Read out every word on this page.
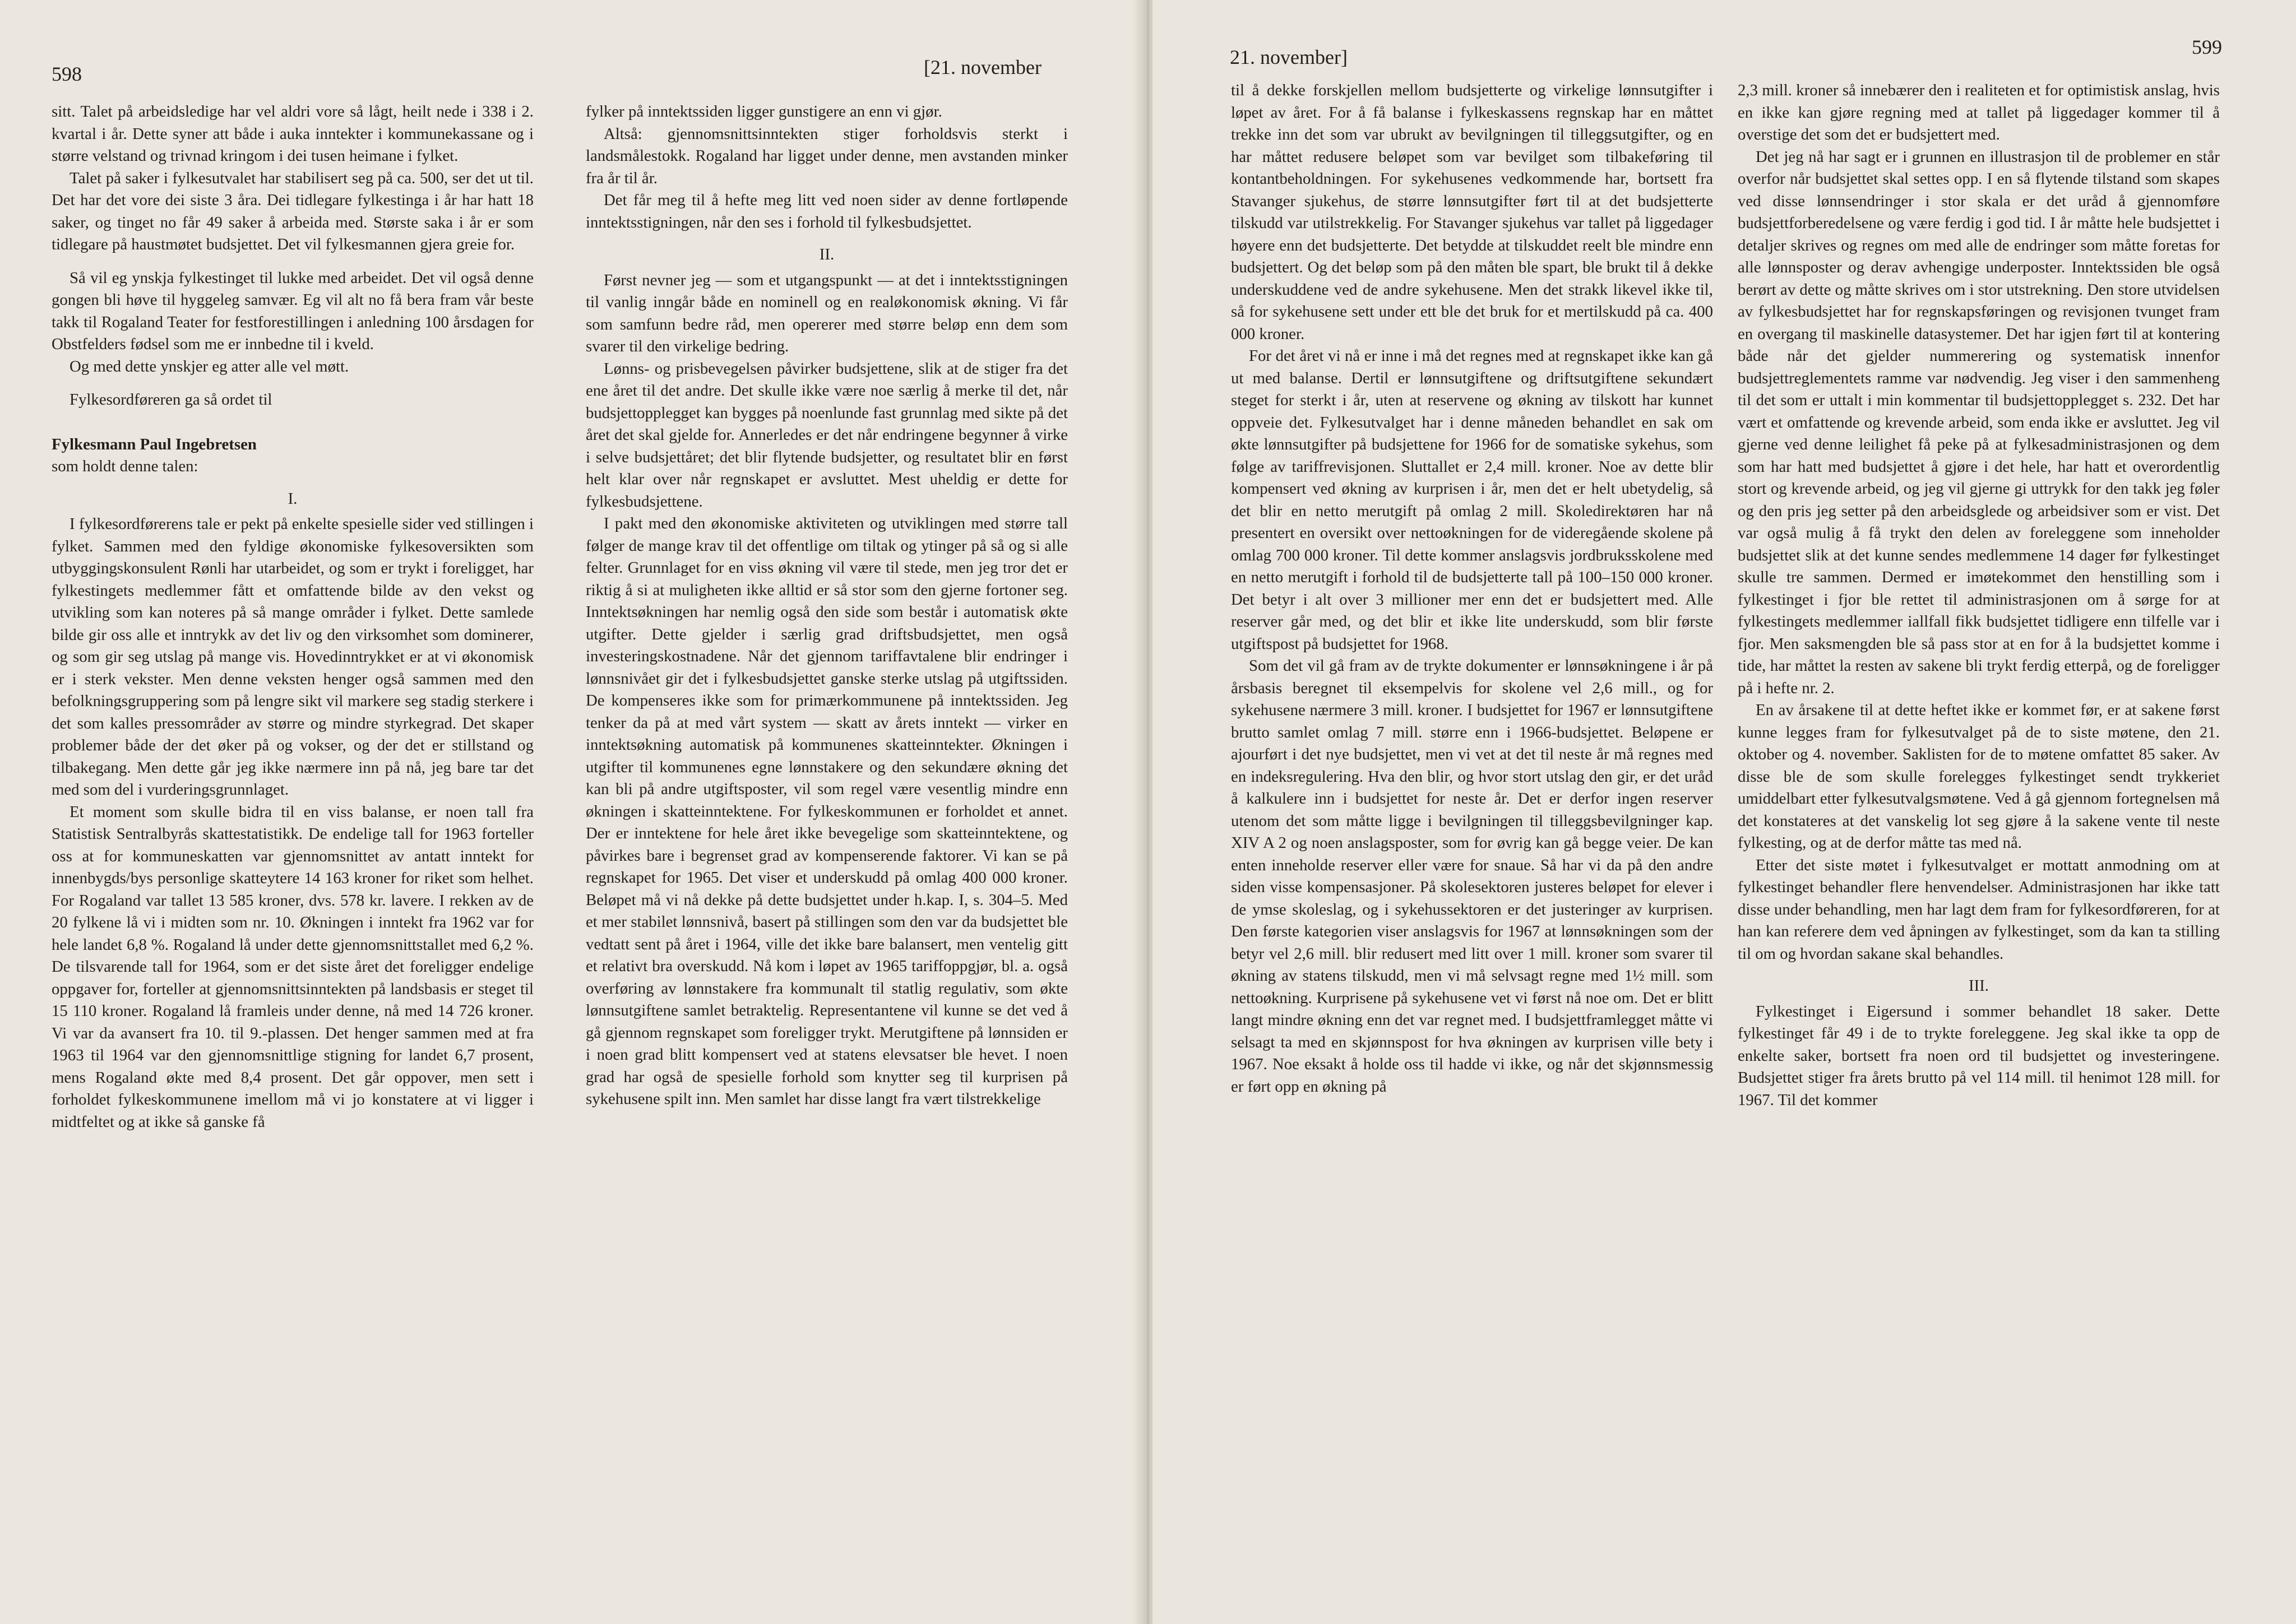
598	[21. november

sitt. Talet på arbeidsledige har vel aldri vore så lågt, heilt nede i 338 i 2. kvartal i år. Dette syner att både i auka inntekter i kommunekassane og i større velstand og trivnad kringom i dei tusen heimane i fylket.

Talet på saker i fylkesutvalet har stabilisert seg på ca. 500, ser det ut til. Det har det vore dei siste 3 åra. Dei tidlegare fylkestinga i år har hatt 18 saker, og tinget no får 49 saker å arbeida med. Største saka i år er som tidlegare på haustmøtet budsjettet. Det vil fylkesmannen gjera greie for.

Så vil eg ynskja fylkestinget til lukke med arbeidet. Det vil også denne gongen bli høve til hyggeleg samvær. Eg vil alt no få bera fram vår beste takk til Rogaland Teater for festforestillingen i anledning 100 årsdagen for Obstfelders fødsel som me er innbedne til i kveld.

Og med dette ynskjer eg atter alle vel møtt.

Fylkesordføreren ga så ordet til

Fylkesmann Paul Ingebretsen

som holdt denne talen:

I.

I fylkesordførerens tale er pekt på enkelte spesielle sider ved stillingen i fylket. Sammen med den fyldige økonomiske fylkesoversikten som utbyggingskonsulent Rønli har utarbeidet, og som er trykt i foreligget, har fylkestingets medlemmer fått et omfattende bilde av den vekst og utvikling som kan noteres på så mange områder i fylket. Dette samlede bilde gir oss alle et inntrykk av det liv og den virksomhet som dominerer, og som gir seg utslag på mange vis. Hovedinntrykket er at vi økonomisk er i sterk vekster. Men denne veksten henger også sammen med den befolkningsgruppering som på lengre sikt vil markere seg stadig sterkere i det som kalles pressområder av større og mindre styrkegrad. Det skaper problemer både der det øker på og vokser, og der det er stillstand og tilbakegang. Men dette går jeg ikke nærmere inn på nå, jeg bare tar det med som del i vurderingsgrunnlaget.

Et moment som skulle bidra til en viss balanse, er noen tall fra Statistisk Sentralbyrås skattestatistikk. De endelige tall for 1963 forteller oss at for kommuneskatten var gjennomsnittet av antatt inntekt for innenbygds/bys personlige skatteytere 14 163 kroner for riket som helhet. For Rogaland var tallet 13 585 kroner, dvs. 578 kr. lavere. I rekken av de 20 fylkene lå vi i midten som nr. 10. Økningen i inntekt fra 1962 var for hele landet 6,8 %. Rogaland lå under dette gjennomsnittstallet med 6,2 %. De tilsvarende tall for 1964, som er det siste året det foreligger endelige oppgaver for, forteller at gjennomsnittsinntekten på landsbasis er steget til 15 110 kroner. Rogaland lå framleis under denne, nå med 14 726 kroner. Vi var da avansert fra 10. til 9.-plassen. Det henger sammen med at fra 1963 til 1964 var den gjennomsnittlige stigning for landet 6,7 prosent, mens Rogaland økte med 8,4 prosent. Det går oppover, men sett i forholdet fylkeskommunene imellom må vi jo konstatere at vi ligger i midtfeltet og at ikke så ganske få

fylker på inntektssiden ligger gunstigere an enn vi gjør.

Altså: gjennomsnittsinntekten stiger forholdsvis sterkt i landsmålestokk. Rogaland har ligget under denne, men avstanden minker fra år til år.

Det får meg til å hefte meg litt ved noen sider av denne fortløpende inntektsstigningen, når den ses i forhold til fylkesbudsjettet.

II.

Først nevner jeg — som et utgangspunkt — at det i inntektsstigningen til vanlig inngår både en nominell og en realøkonomisk økning. Vi får som samfunn bedre råd, men opererer med større beløp enn dem som svarer til den virkelige bedring.

Lønns- og prisbevegelsen påvirker budsjettene, slik at de stiger fra det ene året til det andre. Det skulle ikke være noe særlig å merke til det, når budsjettopplegget kan bygges på noenlunde fast grunnlag med sikte på det året det skal gjelde for. Annerledes er det når endringene begynner å virke i selve budsjettåret; det blir flytende budsjetter, og resultatet blir en først helt klar over når regnskapet er avsluttet. Mest uheldig er dette for fylkesbudsjettene.

I pakt med den økonomiske aktiviteten og utviklingen med større tall følger de mange krav til det offentlige om tiltak og ytinger på så og si alle felter. Grunnlaget for en viss økning vil være til stede, men jeg tror det er riktig å si at muligheten ikke alltid er så stor som den gjerne fortoner seg. Inntektsøkningen har nemlig også den side som består i automatisk økte utgifter. Dette gjelder i særlig grad driftsbudsjettet, men også investeringskostnadene. Når det gjennom tariffavtalene blir endringer i lønnsnivået gir det i fylkesbudsjettet ganske sterke utslag på utgiftssiden. De kompenseres ikke som for primærkommunene på inntektssiden. Jeg tenker da på at med vårt system — skatt av årets inntekt — virker en inntektsøkning automatisk på kommunenes skatteinntekter. Økningen i utgifter til kommunenes egne lønnstakere og den sekundære økning det kan bli på andre utgiftsposter, vil som regel være vesentlig mindre enn økningen i skatteinntektene. For fylkeskommunen er forholdet et annet. Der er inntektene for hele året ikke bevegelige som skatteinntektene, og påvirkes bare i begrenset grad av kompenserende faktorer. Vi kan se på regnskapet for 1965. Det viser et underskudd på omlag 400 000 kroner. Beløpet må vi nå dekke på dette budsjettet under h.kap. I, s. 304–5. Med et mer stabilet lønnsnivå, basert på stillingen som den var da budsjettet ble vedtatt sent på året i 1964, ville det ikke bare balansert, men ventelig gitt et relativt bra overskudd. Nå kom i løpet av 1965 tariffoppgjør, bl. a. også overføring av lønnstakere fra kommunalt til statlig regulativ, som økte lønnsutgiftene samlet betraktelig. Representantene vil kunne se det ved å gå gjennom regnskapet som foreligger trykt. Merutgiftene på lønnsiden er i noen grad blitt kompensert ved at statens elevsatser ble hevet. I noen grad har også de spesielle forhold som knytter seg til kurprisen på sykehusene spilt inn. Men samlet har disse langt fra vært tilstrekkelige

21. november]	599

til å dekke forskjellen mellom budsjetterte og virkelige lønnsutgifter i løpet av året. For å få balanse i fylkeskassens regnskap har en måttet trekke inn det som var ubrukt av bevilgningen til tilleggsutgifter, og en har måttet redusere beløpet som var bevilget som tilbakeføring til kontantbeholdningen. For sykehusenes vedkommende har, bortsett fra Stavanger sjukehus, de større lønnsutgifter ført til at det budsjetterte tilskudd var utilstrekkelig. For Stavanger sjukehus var tallet på liggedager høyere enn det budsjetterte. Det betydde at tilskuddet reelt ble mindre enn budsjettert. Og det beløp som på den måten ble spart, ble brukt til å dekke underskuddene ved de andre sykehusene. Men det strakk likevel ikke til, så for sykehusene sett under ett ble det bruk for et mertilskudd på ca. 400 000 kroner.

For det året vi nå er inne i må det regnes med at regnskapet ikke kan gå ut med balanse. Dertil er lønnsutgiftene og driftsutgiftene sekundært steget for sterkt i år, uten at reservene og økning av tilskott har kunnet oppveie det. Fylkesutvalget har i denne måneden behandlet en sak om økte lønnsutgifter på budsjettene for 1966 for de somatiske sykehus, som følge av tariffrevisjonen. Sluttallet er 2,4 mill. kroner. Noe av dette blir kompensert ved økning av kurprisen i år, men det er helt ubetydelig, så det blir en netto merutgift på omlag 2 mill. Skoledirektøren har nå presentert en oversikt over nettoøkningen for de videregående skolene på omlag 700 000 kroner. Til dette kommer anslagsvis jordbruksskolene med en netto merutgift i forhold til de budsjetterte tall på 100–150 000 kroner. Det betyr i alt over 3 millioner mer enn det er budsjettert med. Alle reserver går med, og det blir et ikke lite underskudd, som blir første utgiftspost på budsjettet for 1968.

Som det vil gå fram av de trykte dokumenter er lønnsøkningene i år på årsbasis beregnet til eksempelvis for skolene vel 2,6 mill., og for sykehusene nærmere 3 mill. kroner. I budsjettet for 1967 er lønnsutgiftene brutto samlet omlag 7 mill. større enn i 1966-budsjettet. Beløpene er ajourført i det nye budsjettet, men vi vet at det til neste år må regnes med en indeksregulering. Hva den blir, og hvor stort utslag den gir, er det uråd å kalkulere inn i budsjettet for neste år. Det er derfor ingen reserver utenom det som måtte ligge i bevilgningen til tilleggsbevilgninger kap. XIV A 2 og noen anslagsposter, som for øvrig kan gå begge veier. De kan enten inneholde reserver eller være for snaue. Så har vi da på den andre siden visse kompensasjoner. På skolesektoren justeres beløpet for elever i de ymse skoleslag, og i sykehussektoren er det justeringer av kurprisen. Den første kategorien viser anslagsvis for 1967 at lønnsøkningen som der betyr vel 2,6 mill. blir redusert med litt over 1 mill. kroner som svarer til økning av statens tilskudd, men vi må selvsagt regne med 1½ mill. som nettoøkning. Kurprisene på sykehusene vet vi først nå noe om. Det er blitt langt mindre økning enn det var regnet med. I budsjettframlegget måtte vi selsagt ta med en skjønnspost for hva økningen av kurprisen ville bety i 1967. Noe eksakt å holde oss til hadde vi ikke, og når det skjønnsmessig er ført opp en økning på

2,3 mill. kroner så innebærer den i realiteten et for optimistisk anslag, hvis en ikke kan gjøre regning med at tallet på liggedager kommer til å overstige det som det er budsjettert med.

Det jeg nå har sagt er i grunnen en illustrasjon til de problemer en står overfor når budsjettet skal settes opp. I en så flytende tilstand som skapes ved disse lønnsendringer i stor skala er det uråd å gjennomføre budsjettforberedelsene og være ferdig i god tid. I år måtte hele budsjettet i detaljer skrives og regnes om med alle de endringer som måtte foretas for alle lønnsposter og derav avhengige underposter. Inntektssiden ble også berørt av dette og måtte skrives om i stor utstrekning. Den store utvidelsen av fylkesbudsjettet har for regnskapsføringen og revisjonen tvunget fram en overgang til maskinelle datasystemer. Det har igjen ført til at kontering både når det gjelder nummerering og systematisk innenfor budsjettreglementets ramme var nødvendig. Jeg viser i den sammenheng til det som er uttalt i min kommentar til budsjettopplegget s. 232. Det har vært et omfattende og krevende arbeid, som enda ikke er avsluttet. Jeg vil gjerne ved denne leilighet få peke på at fylkesadministrasjonen og dem som har hatt med budsjettet å gjøre i det hele, har hatt et overordentlig stort og krevende arbeid, og jeg vil gjerne gi uttrykk for den takk jeg føler og den pris jeg setter på den arbeidsglede og arbeidsiver som er vist. Det var også mulig å få trykt den delen av foreleggene som inneholder budsjettet slik at det kunne sendes medlemmene 14 dager før fylkestinget skulle tre sammen. Dermed er imøtekommet den henstilling som i fylkestinget i fjor ble rettet til administrasjonen om å sørge for at fylkestingets medlemmer iallfall fikk budsjettet tidligere enn tilfelle var i fjor. Men saksmengden ble så pass stor at en for å la budsjettet komme i tide, har måttet la resten av sakene bli trykt ferdig etterpå, og de foreligger på i hefte nr. 2.

En av årsakene til at dette heftet ikke er kommet før, er at sakene først kunne legges fram for fylkesutvalget på de to siste møtene, den 21. oktober og 4. november. Saklisten for de to møtene omfattet 85 saker. Av disse ble de som skulle forelegges fylkestinget sendt trykkeriet umiddelbart etter fylkesutvalgsmøtene. Ved å gå gjennom fortegnelsen må det konstateres at det vanskelig lot seg gjøre å la sakene vente til neste fylkesting, og at de derfor måtte tas med nå.

Etter det siste møtet i fylkesutvalget er mottatt anmodning om at fylkestinget behandler flere henvendelser. Administrasjonen har ikke tatt disse under behandling, men har lagt dem fram for fylkesordføreren, for at han kan referere dem ved åpningen av fylkestinget, som da kan ta stilling til om og hvordan sakane skal behandles.

III.

Fylkestinget i Eigersund i sommer behandlet 18 saker. Dette fylkestinget får 49 i de to trykte foreleggene. Jeg skal ikke ta opp de enkelte saker, bortsett fra noen ord til budsjettet og investeringene. Budsjettet stiger fra årets brutto på vel 114 mill. til henimot 128 mill. for 1967. Til det kommer
